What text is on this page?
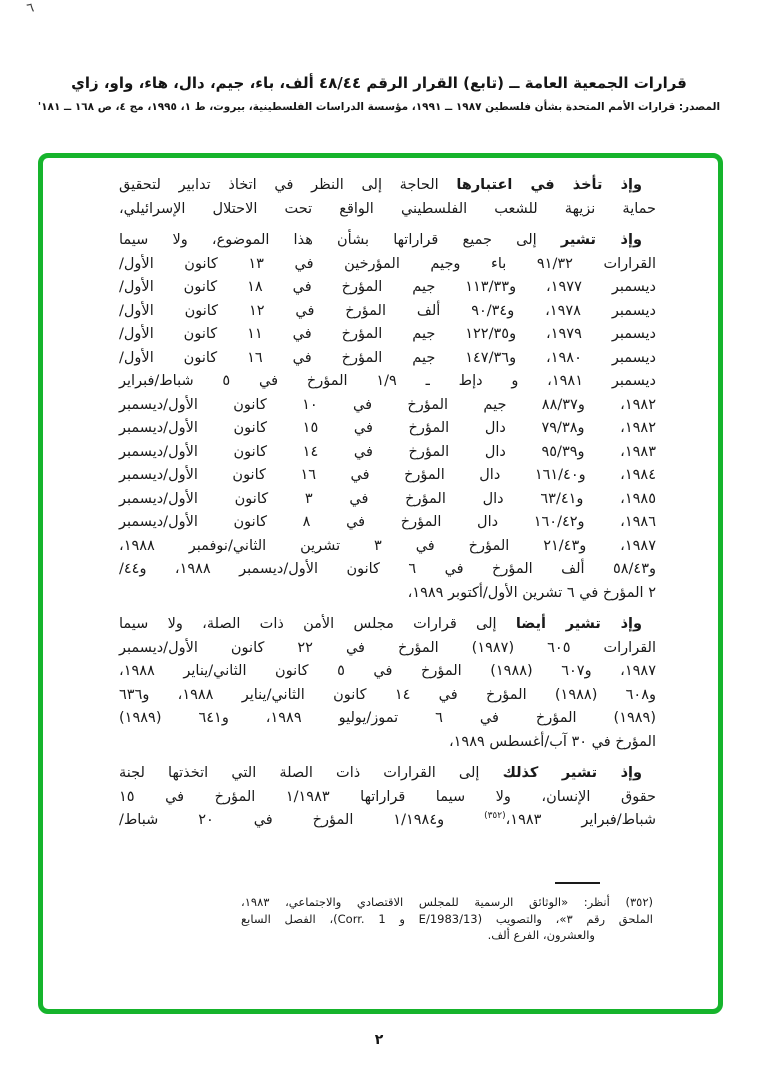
٦
قرارات الجمعية العامة ــ (تابع) القرار الرقم ٤٨/٤٤ ألف، باء، جيم، دال، هاء، واو، زاي
المصدر: قرارات الأمم المتحدة بشأن فلسطين ١٩٨٧ ــ ١٩٩١، مؤسسة الدراسات الفلسطينية، بيروت، ط ١، ١٩٩٥، مج ٤، ص ١٦٨ ــ ١٨١'
وإذ تأخذ في اعتبارها الحاجة إلى النظر في اتخاذ تدابير لتحقيق
حماية نزيهة للشعب الفلسطيني الواقع تحت الاحتلال الإسرائيلي،
وإذ تشير إلى جميع قراراتها بشأن هذا الموضوع، ولا سيما
القرارات ٩١/٣٢ باء وجيم المؤرخين في ١٣ كانون الأول/
ديسمبر ١٩٧٧، و١١٣/٣٣ جيم المؤرخ في ١٨ كانون الأول/
ديسمبر ١٩٧٨، و٩٠/٣٤ ألف المؤرخ في ١٢ كانون الأول/
ديسمبر ١٩٧٩، و١٢٢/٣٥ جيم المؤرخ في ١١ كانون الأول/
ديسمبر ١٩٨٠، و١٤٧/٣٦ جيم المؤرخ في ١٦ كانون الأول/
ديسمبر ١٩٨١، و دإط ـ ١/٩ المؤرخ في ٥ شباط/فبراير
١٩٨٢، و٨٨/٣٧ جيم المؤرخ في ١٠ كانون الأول/ديسمبر
١٩٨٢، و٧٩/٣٨ دال المؤرخ في ١٥ كانون الأول/ديسمبر
١٩٨٣، و٩٥/٣٩ دال المؤرخ في ١٤ كانون الأول/ديسمبر
١٩٨٤، و١٦١/٤٠ دال المؤرخ في ١٦ كانون الأول/ديسمبر
١٩٨٥، و٦٣/٤١ دال المؤرخ في ٣ كانون الأول/ديسمبر
١٩٨٦، و١٦٠/٤٢ دال المؤرخ في ٨ كانون الأول/ديسمبر
١٩٨٧، و٢١/٤٣ المؤرخ في ٣ تشرين الثاني/نوفمبر ١٩٨٨،
و٥٨/٤٣ ألف المؤرخ في ٦ كانون الأول/ديسمبر ١٩٨٨، و٤٤/
٢ المؤرخ في ٦ تشرين الأول/أكتوبر ١٩٨٩،
وإذ تشير أيضا إلى قرارات مجلس الأمن ذات الصلة، ولا سيما
القرارات ٦٠٥ (١٩٨٧) المؤرخ في ٢٢ كانون الأول/ديسمبر
١٩٨٧، و٦٠٧ (١٩٨٨) المؤرخ في ٥ كانون الثاني/يناير ١٩٨٨،
و٦٠٨ (١٩٨٨) المؤرخ في ١٤ كانون الثاني/يناير ١٩٨٨، و٦٣٦
(١٩٨٩) المؤرخ في ٦ تموز/يوليو ١٩٨٩، و٦٤١ (١٩٨٩)
المؤرخ في ٣٠ آب/أغسطس ١٩٨٩،
وإذ تشير كذلك إلى القرارات ذات الصلة التي اتخذتها لجنة
حقوق الإنسان، ولا سيما قراراتها ١/١٩٨٣ المؤرخ في ١٥
شباط/فبراير ١٩٨٣،$^{(٣٥٢)}$ و١/١٩٨٤ المؤرخ في ٢٠ شباط/
(٣٥٢) أنظر: «الوثائق الرسمية للمجلس الاقتصادي والاجتماعي، ١٩٨٣،
الملحق رقم ٣»، والتصويب (E/1983/13 و Corr. 1)، الفصل السابع
والعشرون، الفرع ألف.
٢
